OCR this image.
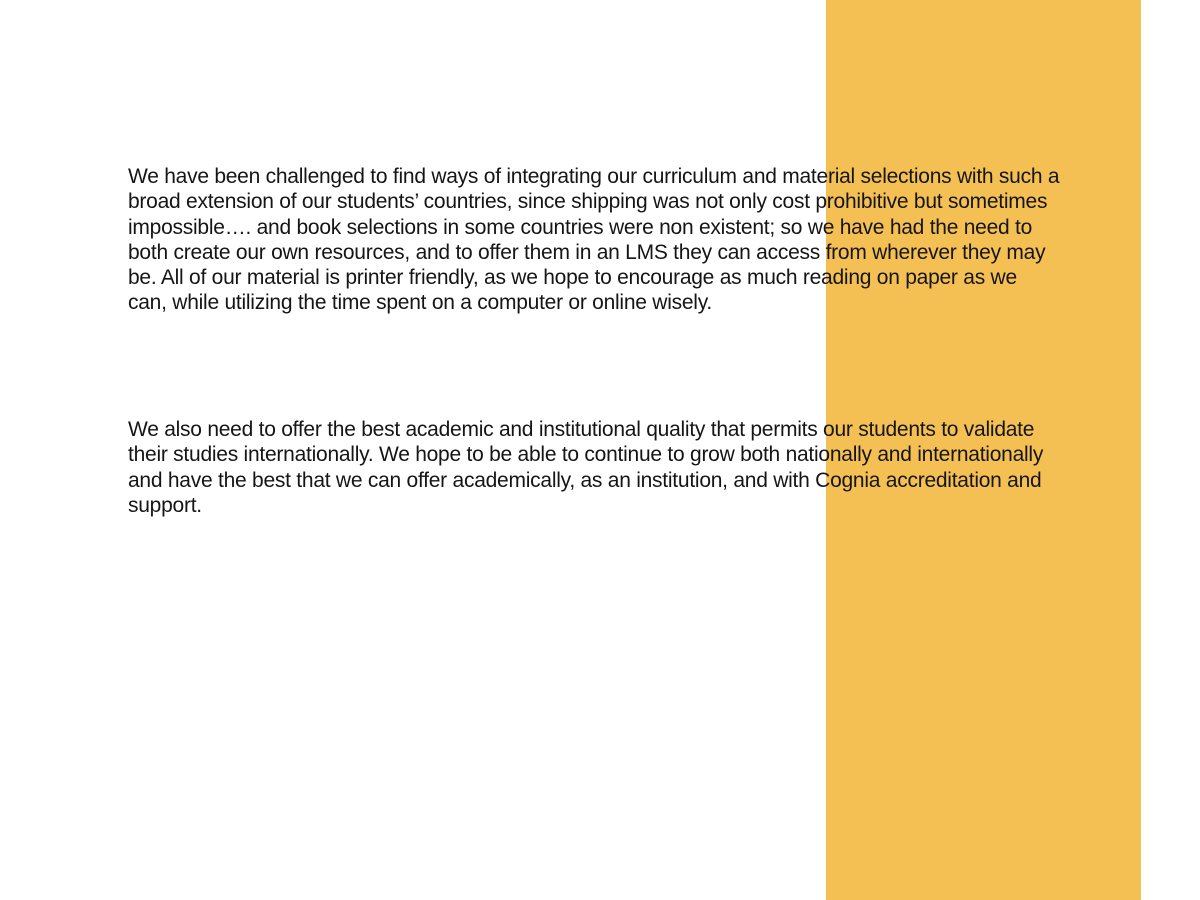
We have been challenged to find ways of integrating our curriculum and material selections with such a broad extension of our students’ countries, since shipping was not only cost prohibitive but sometimes impossible…. and book selections in some countries were non existent; so we have had the need to both create our own resources, and to offer them in an LMS they can access from wherever they may be. All of our material is printer friendly, as we hope to encourage as much reading on paper as we can, while utilizing the time spent on a computer or online wisely.

We also need to offer the best academic and institutional quality that permits our students to validate their studies internationally. We hope to be able to continue to grow both nationally and internationally and have the best that we can offer academically, as an institution, and with Cognia accreditation and support.
